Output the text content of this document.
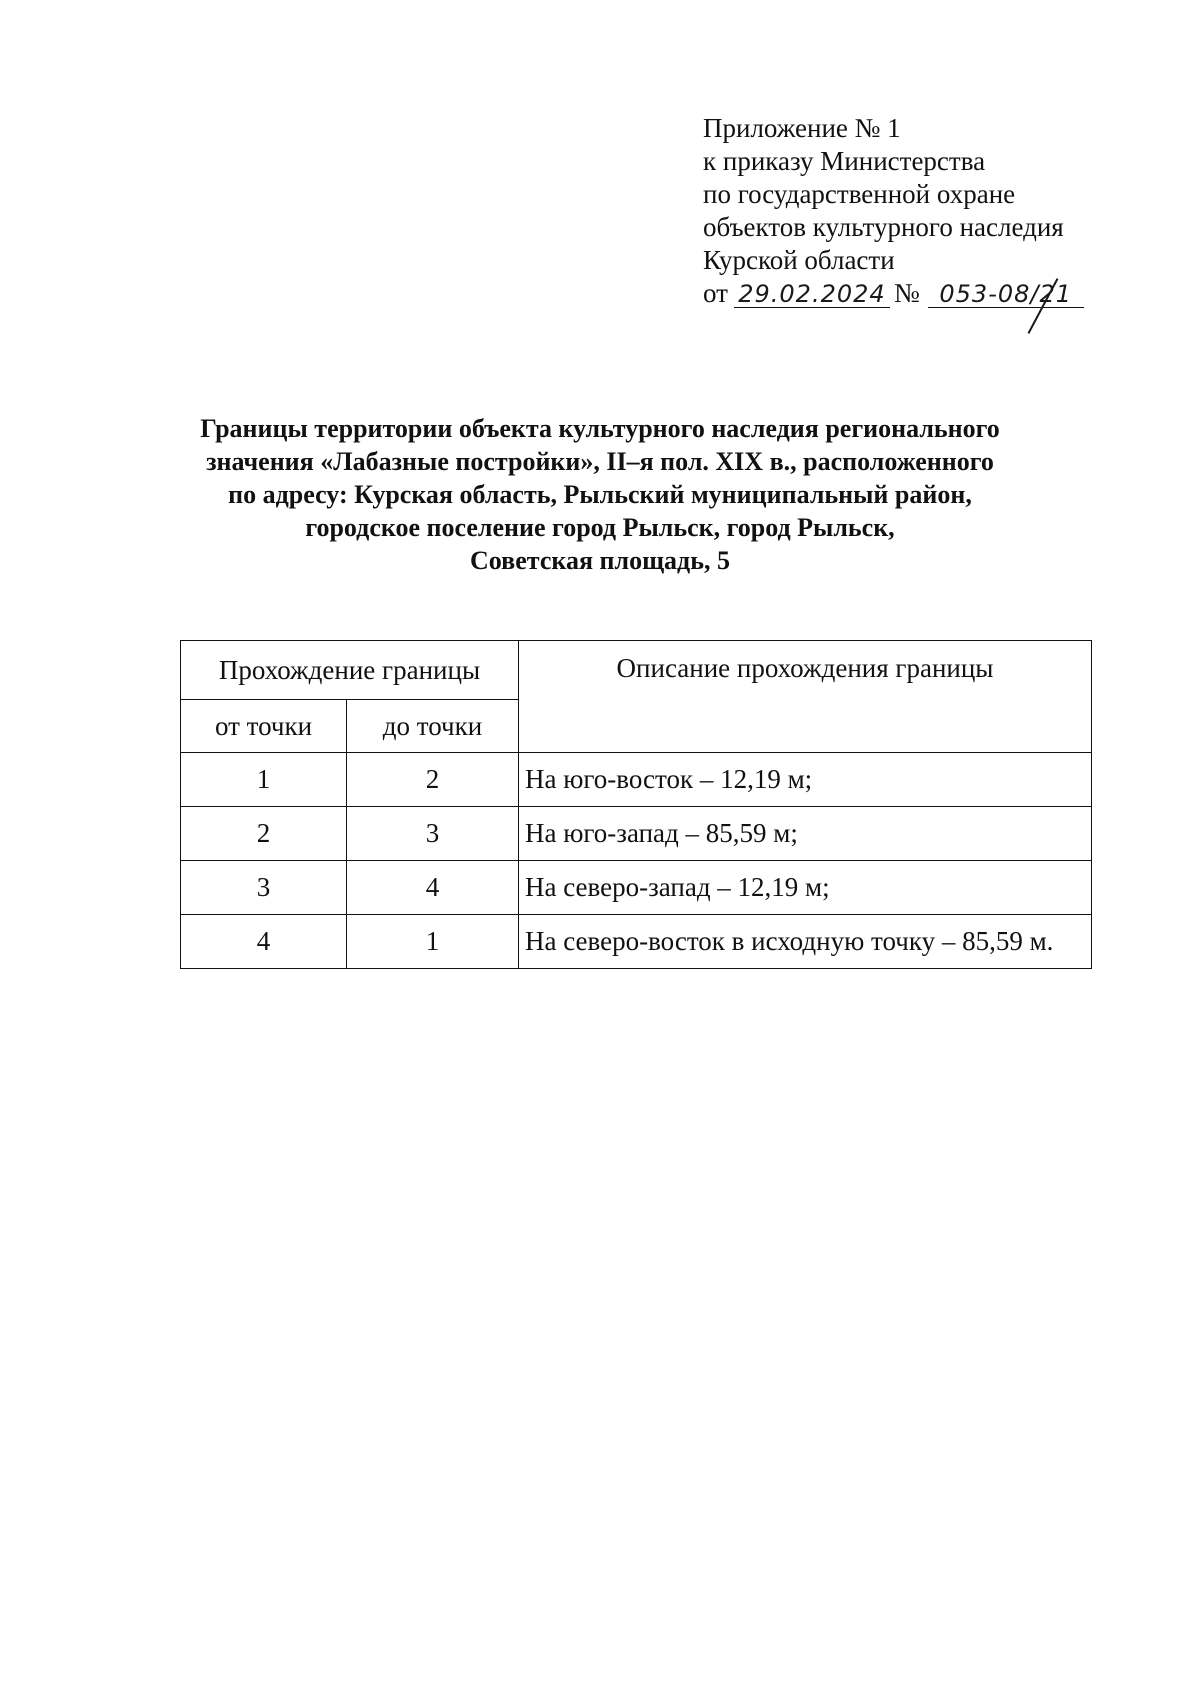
Приложение № 1
к приказу Министерства
по государственной охране
объектов культурного наследия
Курской области
от 29.02.2024 № 053-08/21
Границы территории объекта культурного наследия регионального
значения «Лабазные постройки», II–я пол. XIX в., расположенного
по адресу: Курская область, Рыльский муниципальный район,
городское поселение город Рыльск, город Рыльск,
Советская площадь, 5
Прохождение границы		Описание прохождения границы
от точки	до точки	
1	2	На юго-восток – 12,19 м;
2	3	На юго-запад – 85,59 м;
3	4	На северо-запад – 12,19 м;
4	1	На северо-восток в исходную точку – 85,59 м.
